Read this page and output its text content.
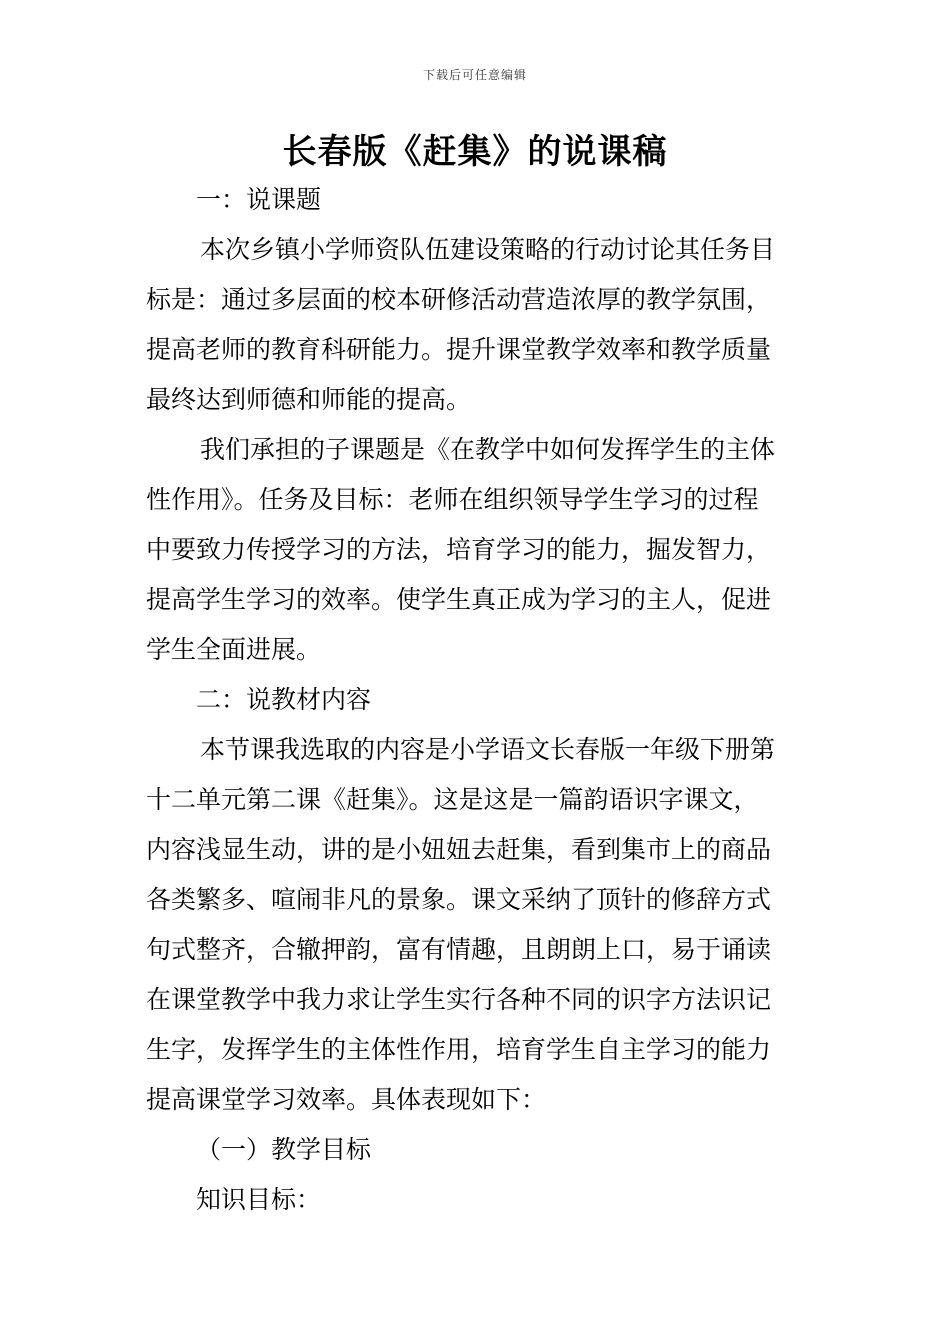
下载后可任意编辑
长春版《赶集》的说课稿
一：说课题
本次乡镇小学师资队伍建设策略的行动讨论其任务目
标是：通过多层面的校本研修活动营造浓厚的教学氛围，
提高老师的教育科研能力。提升课堂教学效率和教学质量
最终达到师德和师能的提高。
我们承担的子课题是《在教学中如何发挥学生的主体
性作用》。任务及目标：老师在组织领导学生学习的过程
中要致力传授学习的方法，培育学习的能力，掘发智力，
提高学生学习的效率。使学生真正成为学习的主人，促进
学生全面进展。
二：说教材内容
本节课我选取的内容是小学语文长春版一年级下册第
十二单元第二课《赶集》。这是这是一篇韵语识字课文，
内容浅显生动，讲的是小妞妞去赶集，看到集市上的商品
各类繁多、喧闹非凡的景象。课文采纳了顶针的修辞方式
句式整齐，合辙押韵，富有情趣，且朗朗上口，易于诵读
在课堂教学中我力求让学生实行各种不同的识字方法识记
生字，发挥学生的主体性作用，培育学生自主学习的能力
提高课堂学习效率。具体表现如下：
（一）教学目标
知识目标：
